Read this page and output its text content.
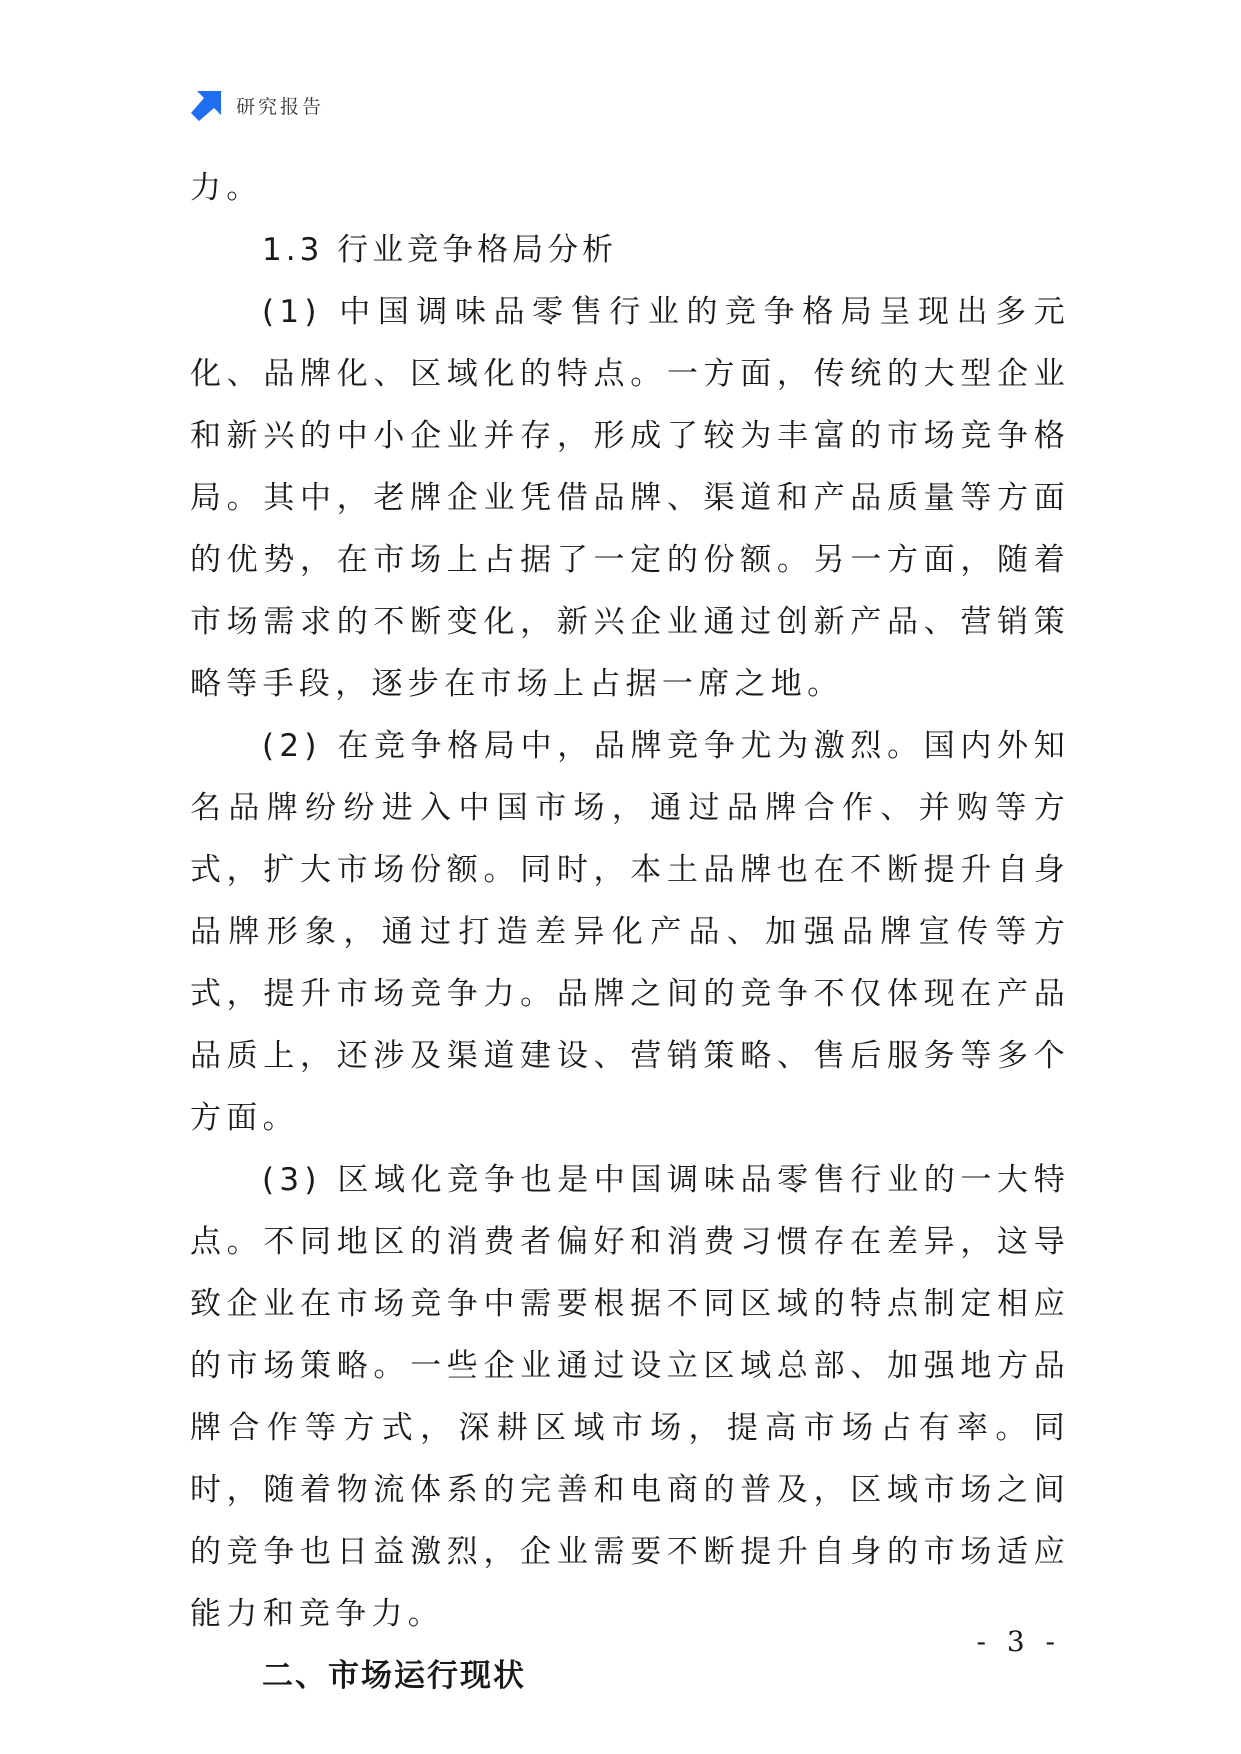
研究报告

力。

1.3 行业竞争格局分析

(1) 中国调味品零售行业的竞争格局呈现出多元化、品牌化、区域化的特点。一方面，传统的大型企业和新兴的中小企业并存，形成了较为丰富的市场竞争格局。其中，老牌企业凭借品牌、渠道和产品质量等方面的优势，在市场上占据了一定的份额。另一方面，随着市场需求的不断变化，新兴企业通过创新产品、营销策略等手段，逐步在市场上占据一席之地。

(2) 在竞争格局中，品牌竞争尤为激烈。国内外知名品牌纷纷进入中国市场，通过品牌合作、并购等方式，扩大市场份额。同时，本土品牌也在不断提升自身品牌形象，通过打造差异化产品、加强品牌宣传等方式，提升市场竞争力。品牌之间的竞争不仅体现在产品品质上，还涉及渠道建设、营销策略、售后服务等多个方面。

(3) 区域化竞争也是中国调味品零售行业的一大特点。不同地区的消费者偏好和消费习惯存在差异，这导致企业在市场竞争中需要根据不同区域的特点制定相应的市场策略。一些企业通过设立区域总部、加强地方品牌合作等方式，深耕区域市场，提高市场占有率。同时，随着物流体系的完善和电商的普及，区域市场之间的竞争也日益激烈，企业需要不断提升自身的市场适应能力和竞争力。

二、市场运行现状

- 3 -
